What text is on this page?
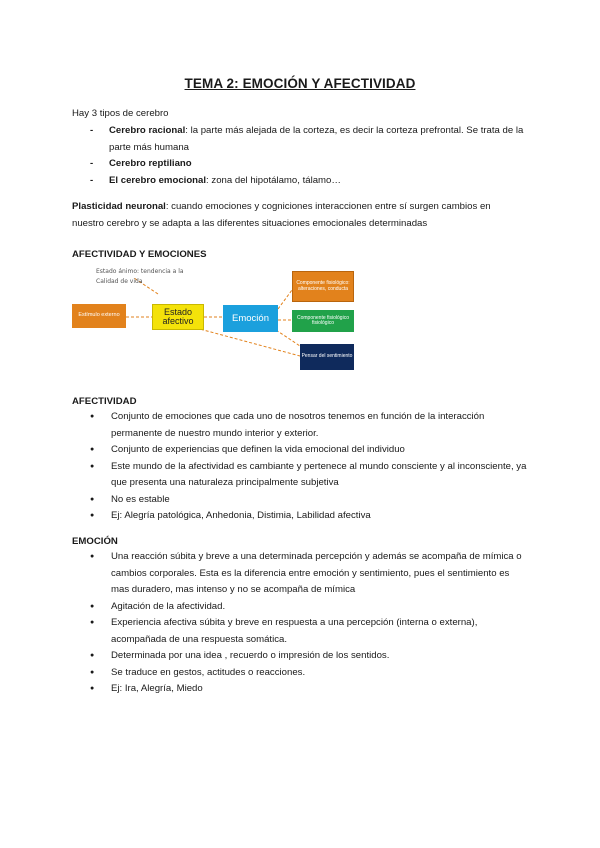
TEMA 2: EMOCIÓN Y AFECTIVIDAD
Hay 3 tipos de cerebro
- Cerebro racional: la parte más alejada de la corteza, es decir la corteza prefrontal. Se trata de la parte más humana
- Cerebro reptiliano
- El cerebro emocional: zona del hipotálamo, tálamo…
Plasticidad neuronal: cuando emociones y cogniciones interaccionen entre sí surgen cambios en nuestro cerebro y se adapta a las diferentes situaciones emocionales determinadas
AFECTIVIDAD Y EMOCIONES
Estado ánimo: tendencia a la
Calidad de vida
Estímulo externo	Estado afectivo	Emoción
Componente fisiológico: alteraciones, conducta
Componente fisiológico fisiológico
Pensar del sentimiento
AFECTIVIDAD
● Conjunto de emociones que cada uno de nosotros tenemos en función de la interacción permanente de nuestro mundo interior y exterior.
● Conjunto de experiencias que definen la vida emocional del individuo
● Este mundo de la afectividad es cambiante y pertenece al mundo consciente y al inconsciente, ya que presenta una naturaleza principalmente subjetiva
● No es estable
● Ej: Alegría patológica, Anhedonia, Distimia, Labilidad afectiva
EMOCIÓN
● Una reacción súbita y breve a una determinada percepción y además se acompaña de mímica o cambios corporales. Esta es la diferencia entre emoción y sentimiento, pues el sentimiento es mas duradero, mas intenso y no se acompaña de mímica
● Agitación de la afectividad.
● Experiencia afectiva súbita y breve en respuesta a una percepción (interna o externa), acompañada de una respuesta somática.
● Determinada por una idea , recuerdo o impresión de los sentidos.
● Se traduce en gestos, actitudes o reacciones.
● Ej: Ira, Alegría, Miedo
